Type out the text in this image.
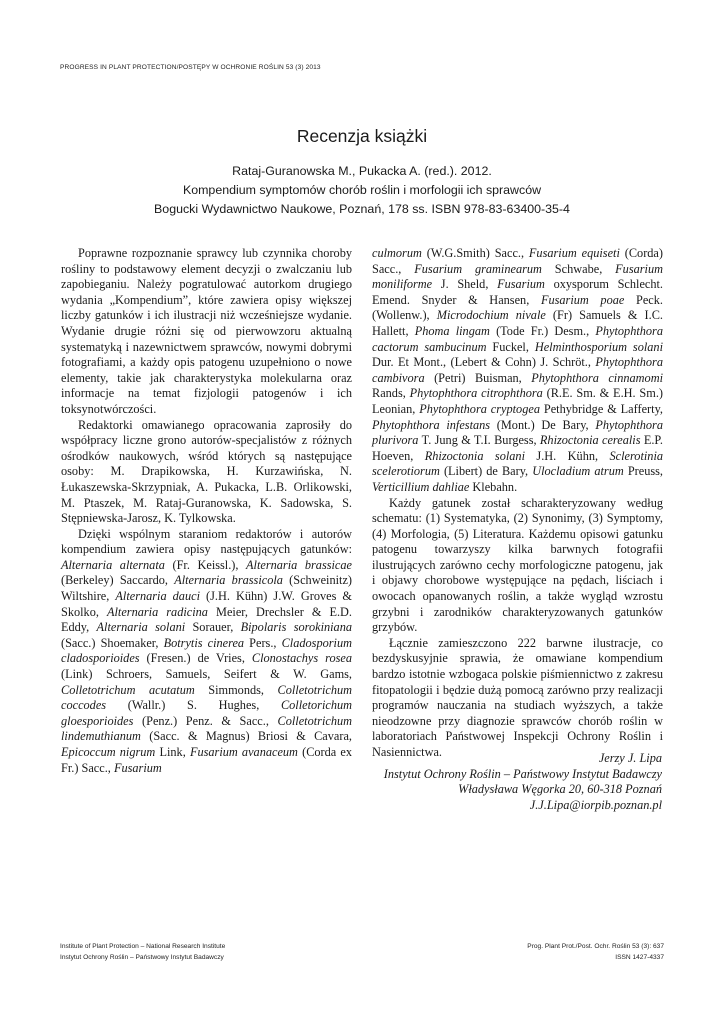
PROGRESS IN PLANT PROTECTION/POSTĘPY W OCHRONIE ROŚLIN 53 (3) 2013
Recenzja książki
Rataj-Guranowska M., Pukacka A. (red.). 2012.
Kompendium symptomów chorób roślin i morfologii ich sprawców
Bogucki Wydawnictwo Naukowe, Poznań, 178 ss. ISBN 978-83-63400-35-4

Poprawne rozpoznanie sprawcy lub czynnika choroby rośliny to podstawowy element decyzji o zwalczaniu lub zapobieganiu. Należy pogratulować autorkom drugiego wydania „Kompendium”, które zawiera opisy większej liczby gatunków i ich ilustracji niż wcześniejsze wydanie. Wydanie drugie różni się od pierwowzoru aktualną systematyką i nazewnictwem sprawców, nowymi dobrymi fotografiami, a każdy opis patogenu uzupełniono o nowe elementy, takie jak charakterystyka molekularna oraz informacje na temat fizjologii patogenów i ich toksynotwórczości.

Redaktorki omawianego opracowania zaprosiły do współpracy liczne grono autorów-specjalistów z różnych ośrodków naukowych, wśród których są następujące osoby: M. Drapikowska, H. Kurzawińska, N. Łukaszewska-Skrzypniak, A. Pukacka, L.B. Orlikowski, M. Ptaszek, M. Rataj-Guranowska, K. Sadowska, S. Stępniewska-Jarosz, K. Tylkowska.

Dzięki wspólnym staraniom redaktorów i autorów kompendium zawiera opisy następujących gatunków: Alternaria alternata (Fr. Keissl.), Alternaria brassicae (Berkeley) Saccardo, Alternaria brassicola (Schweinitz) Wiltshire, Alternaria dauci (J.H. Kühn) J.W. Groves & Skolko, Alternaria radicina Meier, Drechsler & E.D. Eddy, Alternaria solani Sorauer, Bipolaris sorokiniana (Sacc.) Shoemaker, Botrytis cinerea Pers., Cladosporium cladosporioides (Fresen.) de Vries, Clonostachys rosea (Link) Schroers, Samuels, Seifert & W. Gams, Colletotrichum acutatum Simmonds, Colletotrichum coccodes (Wallr.) S. Hughes, Colletorichum gloesporioides (Penz.) Penz. & Sacc., Colletotrichum lindemuthianum (Sacc. & Magnus) Briosi & Cavara, Epicoccum nigrum Link, Fusarium avanaceum (Corda ex Fr.) Sacc., Fusarium

culmorum (W.G.Smith) Sacc., Fusarium equiseti (Corda) Sacc., Fusarium graminearum Schwabe, Fusarium moniliforme J. Sheld, Fusarium oxysporum Schlecht. Emend. Snyder & Hansen, Fusarium poae Peck. (Wollenw.), Microdochium nivale (Fr) Samuels & I.C. Hallett, Phoma lingam (Tode Fr.) Desm., Phytophthora cactorum sambucinum Fuckel, Helminthosporium solani Dur. Et Mont., (Lebert & Cohn) J. Schröt., Phytophthora cambivora (Petri) Buisman, Phytophthora cinnamomi Rands, Phytophthora citrophthora (R.E. Sm. & E.H. Sm.) Leonian, Phytophthora cryptogea Pethybridge & Lafferty, Phytophthora infestans (Mont.) De Bary, Phytophthora plurivora T. Jung & T.I. Burgess, Rhizoctonia cerealis E.P. Hoeven, Rhizoctonia solani J.H. Kühn, Sclerotinia scelerotiorum (Libert) de Bary, Ulocladium atrum Preuss, Verticillium dahliae Klebahn.

Każdy gatunek został scharakteryzowany według schematu: (1) Systematyka, (2) Synonimy, (3) Symptomy, (4) Morfologia, (5) Literatura. Każdemu opisowi gatunku patogenu towarzyszy kilka barwnych fotografii ilustrujących zarówno cechy morfologiczne patogenu, jak i objawy chorobowe występujące na pędach, liściach i owocach opanowanych roślin, a także wygląd wzrostu grzybni i zarodników charakteryzowanych gatunków grzybów.

Łącznie zamieszczono 222 barwne ilustracje, co bezdyskusyjnie sprawia, że omawiane kompendium bardzo istotnie wzbogaca polskie piśmiennictwo z zakresu fitopatologii i będzie dużą pomocą zarówno przy realizacji programów nauczania na studiach wyższych, a także nieodzowne przy diagnozie sprawców chorób roślin w laboratoriach Państwowej Inspekcji Ochrony Roślin i Nasiennictwa.	Jerzy J. Lipa
Instytut Ochrony Roślin – Państwowy Instytut Badawczy
Władysława Węgorka 20, 60-318 Poznań
J.J.Lipa@iorpib.poznan.pl
Institute of Plant Protection – National Research Institute
Instytut Ochrony Roślin – Państwowy Instytut Badawczy
Prog. Plant Prot./Post. Ochr. Roślin 53 (3): 637
ISSN 1427-4337
